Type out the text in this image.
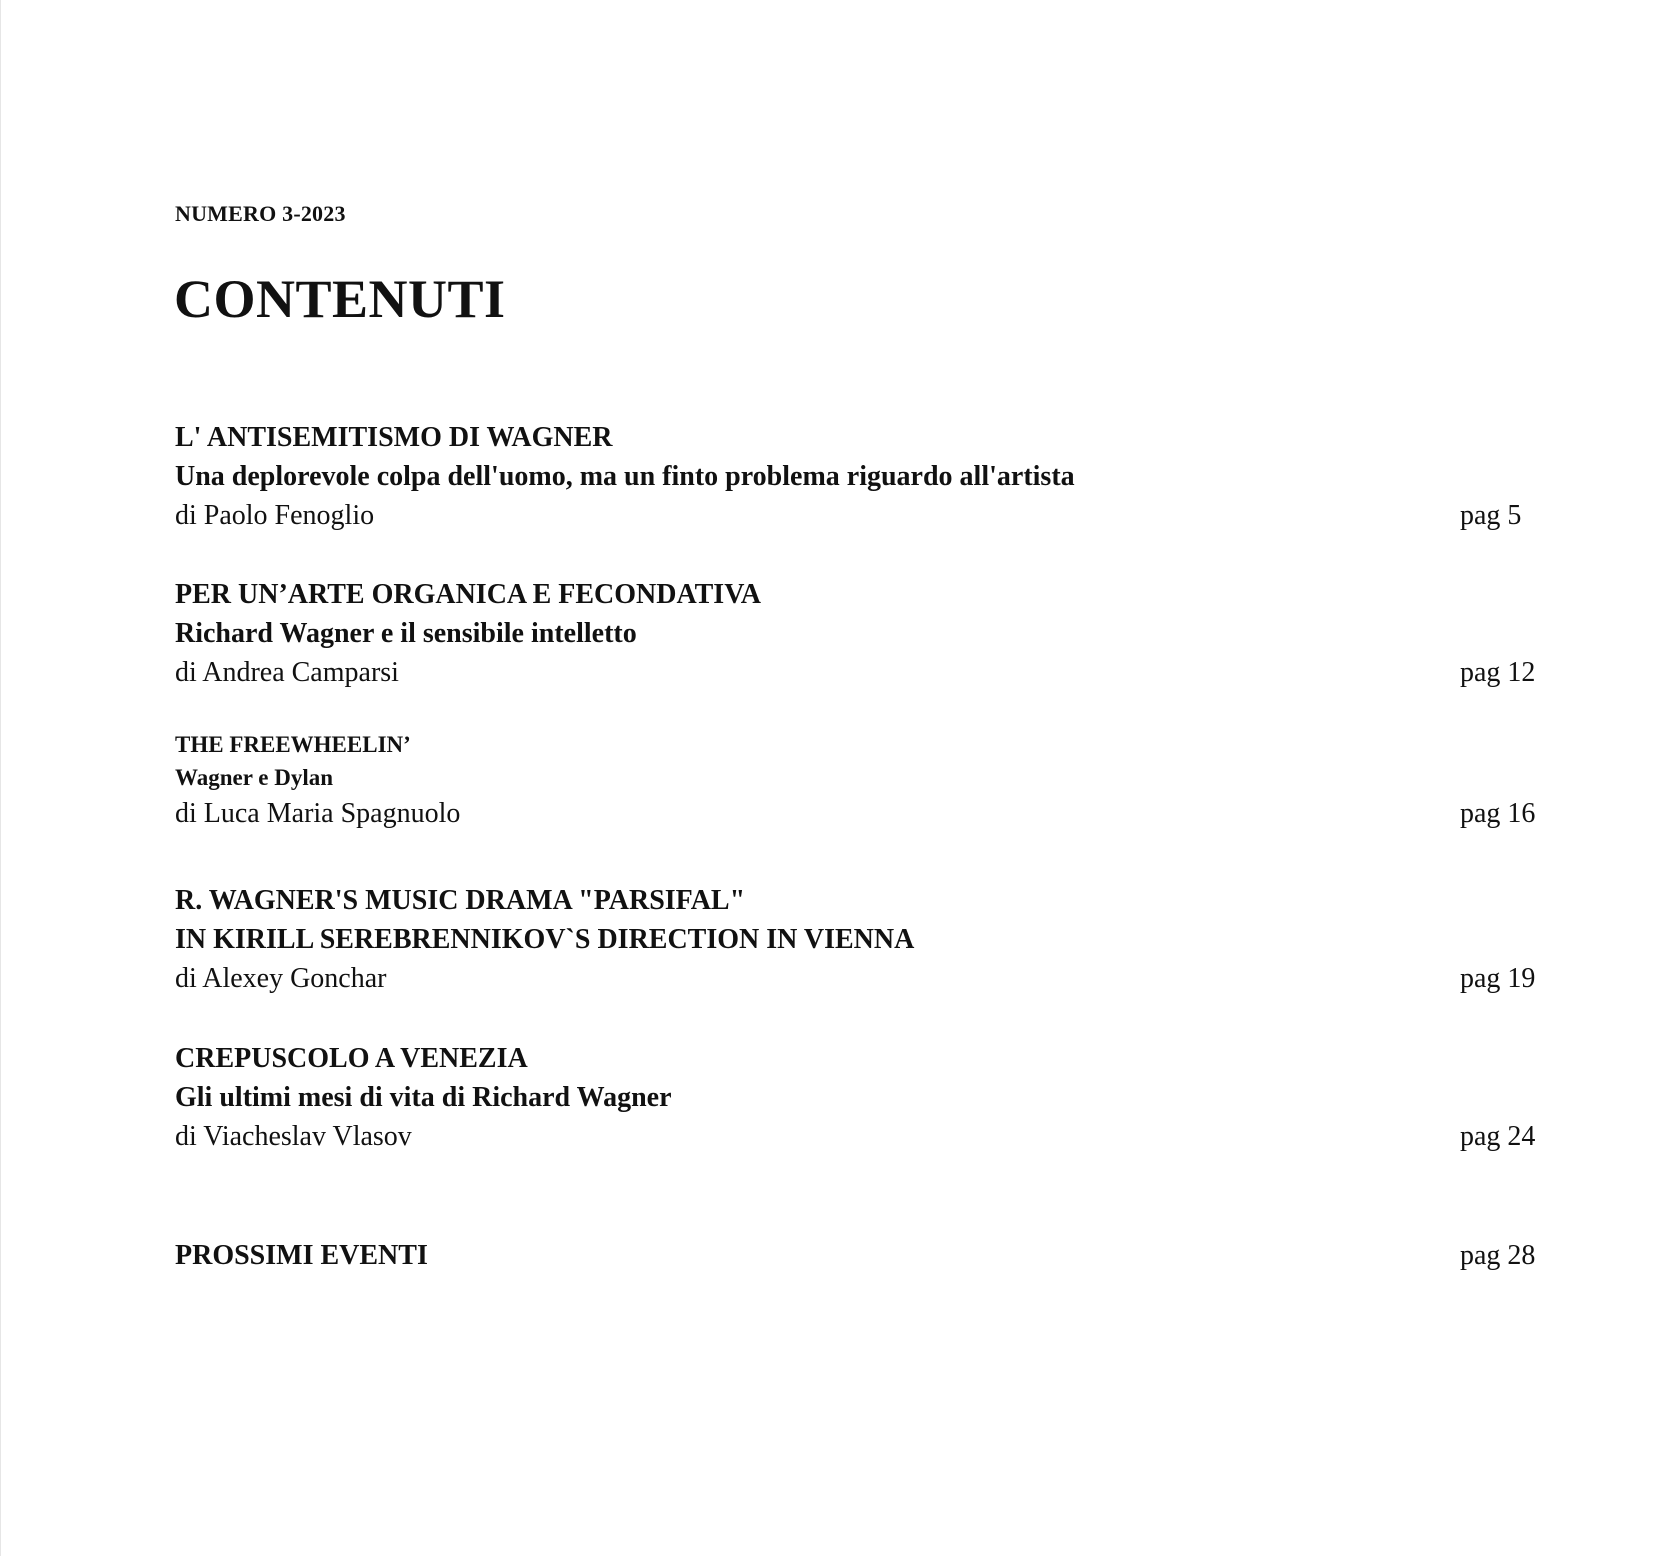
NUMERO 3-2023
CONTENUTI
L' ANTISEMITISMO DI WAGNER
Una deplorevole colpa dell'uomo, ma un finto problema riguardo all'artista
di Paolo Fenoglio	pag 5
PER UN’ARTE ORGANICA E FECONDATIVA
Richard Wagner e il sensibile intelletto
di Andrea Camparsi	pag 12
THE FREEWHEELIN’
Wagner e Dylan
di Luca Maria Spagnuolo	pag 16
R. WAGNER'S MUSIC DRAMA "PARSIFAL"
IN KIRILL SEREBRENNIKOV`S DIRECTION IN VIENNA
di Alexey Gonchar	pag 19
CREPUSCOLO A VENEZIA
Gli ultimi mesi di vita di Richard Wagner
di Viacheslav Vlasov	pag 24
PROSSIMI EVENTI	pag 28
